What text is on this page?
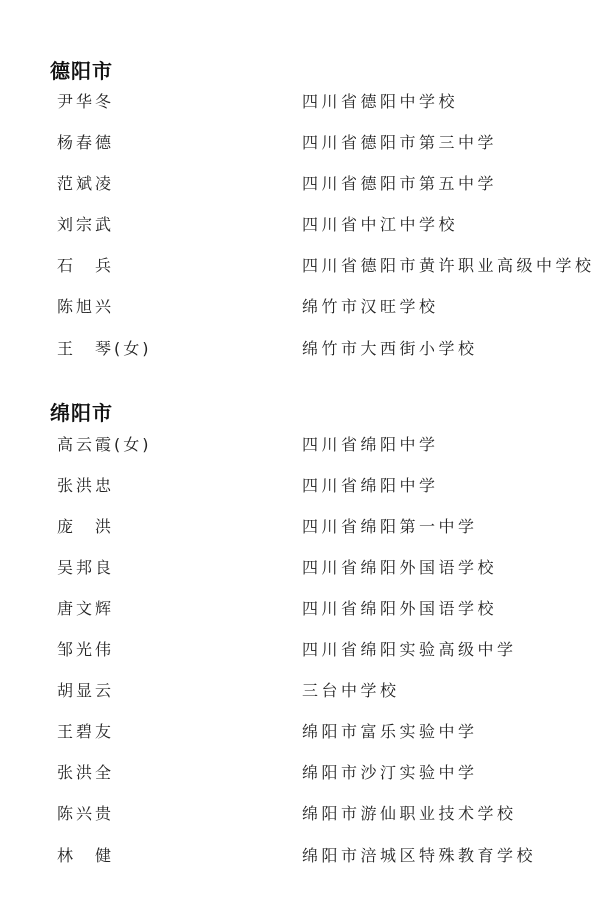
德阳市
尹华冬	四川省德阳中学校
杨春德	四川省德阳市第三中学
范斌凌	四川省德阳市第五中学
刘宗武	四川省中江中学校
石　兵	四川省德阳市黄许职业高级中学校
陈旭兴	绵竹市汉旺学校
王　琴(女)	绵竹市大西街小学校
绵阳市
高云霞(女)	四川省绵阳中学
张洪忠	四川省绵阳中学
庞　洪	四川省绵阳第一中学
吴邦良	四川省绵阳外国语学校
唐文辉	四川省绵阳外国语学校
邹光伟	四川省绵阳实验高级中学
胡显云	三台中学校
王碧友	绵阳市富乐实验中学
张洪全	绵阳市沙汀实验中学
陈兴贵	绵阳市游仙职业技术学校
林　健	绵阳市涪城区特殊教育学校
